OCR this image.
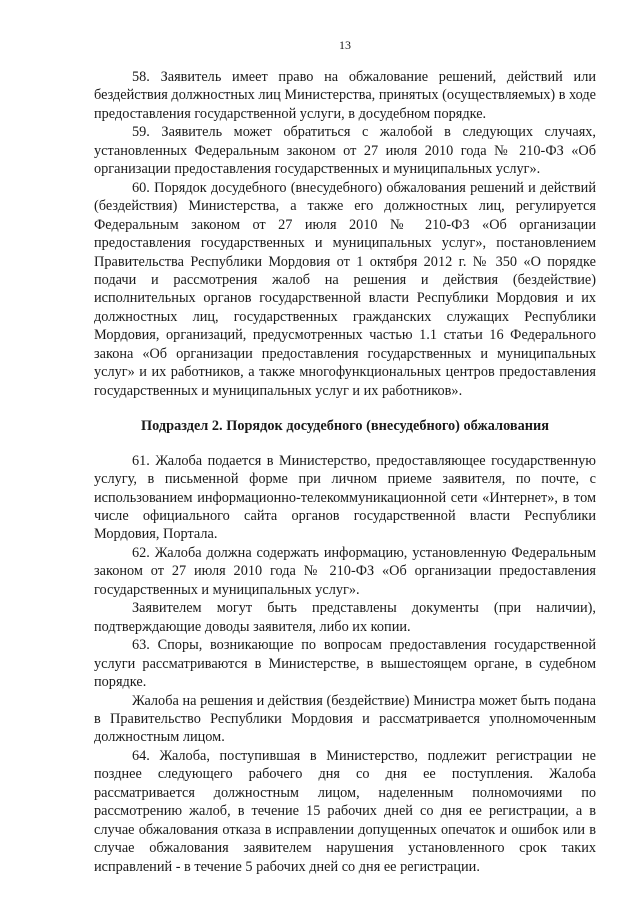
13

58. Заявитель имеет право на обжалование решений, действий или бездействия должностных лиц Министерства, принятых (осуществляемых) в ходе предоставления государственной услуги, в досудебном порядке.

59. Заявитель может обратиться с жалобой в следующих случаях, установленных Федеральным законом от 27 июля 2010 года № 210-ФЗ «Об организации предоставления государственных и муниципальных услуг».

60. Порядок досудебного (внесудебного) обжалования решений и действий (бездействия) Министерства, а также его должностных лиц, регулируется Федеральным законом от 27 июля 2010 № 210-ФЗ «Об организации предоставления государственных и муниципальных услуг», постановлением Правительства Республики Мордовия от 1 октября 2012 г. № 350 «О порядке подачи и рассмотрения жалоб на решения и действия (бездействие) исполнительных органов государственной власти Республики Мордовия и их должностных лиц, государственных гражданских служащих Республики Мордовия, организаций, предусмотренных частью 1.1 статьи 16 Федерального закона «Об организации предоставления государственных и муниципальных услуг» и их работников, а также многофункциональных центров предоставления государственных и муниципальных услуг и их работников».

Подраздел 2. Порядок досудебного (внесудебного) обжалования

61. Жалоба подается в Министерство, предоставляющее государственную услугу, в письменной форме при личном приеме заявителя, по почте, с использованием информационно-телекоммуникационной сети «Интернет», в том числе официального сайта органов государственной власти Республики Мордовия, Портала.

62. Жалоба должна содержать информацию, установленную Федеральным законом от 27 июля 2010 года № 210-ФЗ «Об организации предоставления государственных и муниципальных услуг».

Заявителем могут быть представлены документы (при наличии), подтверждающие доводы заявителя, либо их копии.

63. Споры, возникающие по вопросам предоставления государственной услуги рассматриваются в Министерстве, в вышестоящем органе, в судебном порядке.

Жалоба на решения и действия (бездействие) Министра может быть подана в Правительство Республики Мордовия и рассматривается уполномоченным должностным лицом.

64. Жалоба, поступившая в Министерство, подлежит регистрации не позднее следующего рабочего дня со дня ее поступления. Жалоба рассматривается должностным лицом, наделенным полномочиями по рассмотрению жалоб, в течение 15 рабочих дней со дня ее регистрации, а в случае обжалования отказа в исправлении допущенных опечаток и ошибок или в случае обжалования заявителем нарушения установленного срок таких исправлений - в течение 5 рабочих дней со дня ее регистрации.
